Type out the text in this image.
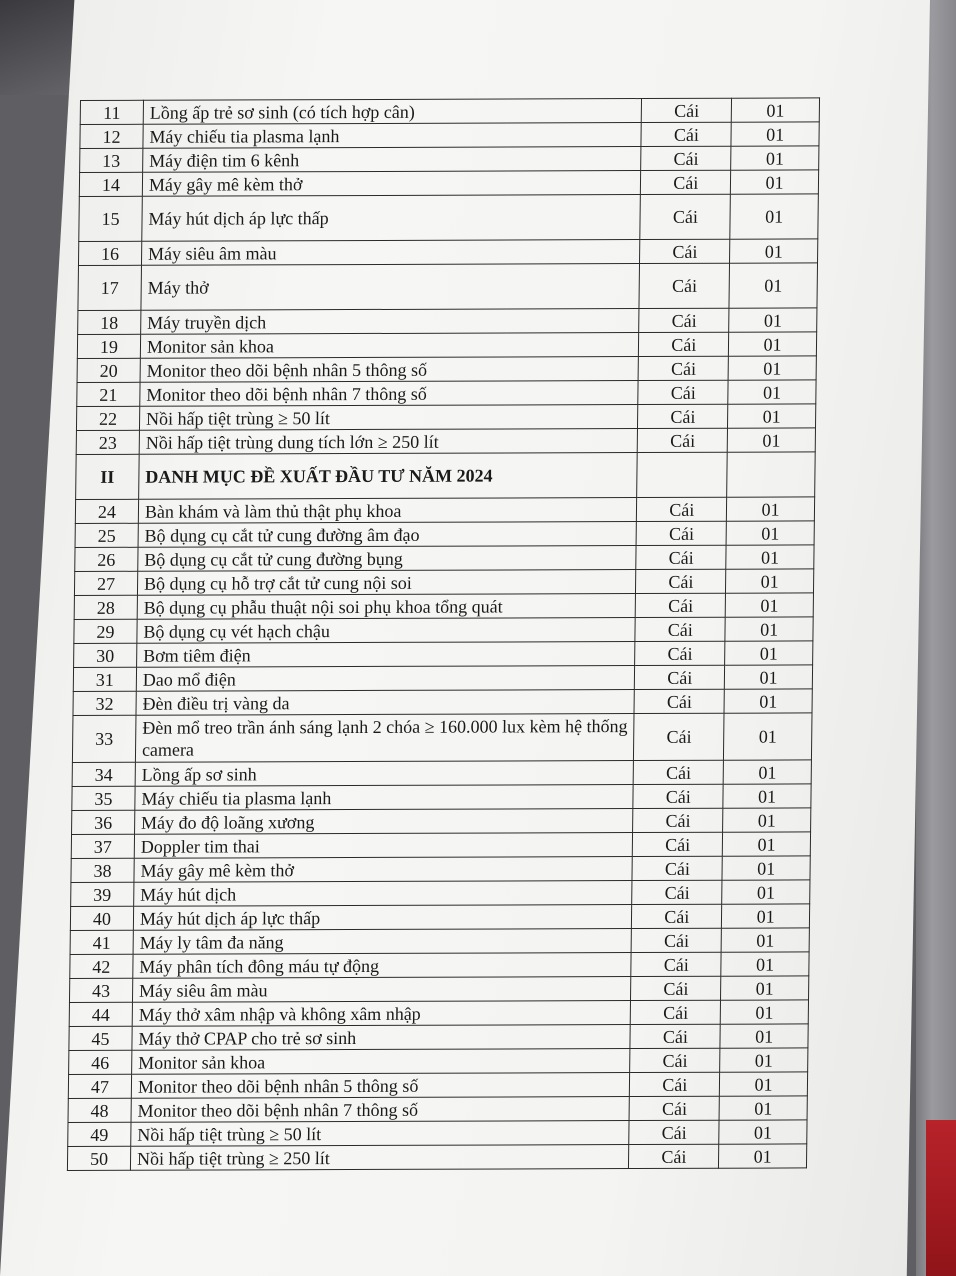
11	Lồng ấp trẻ sơ sinh (có tích hợp cân)	Cái	01
12	Máy chiếu tia plasma lạnh	Cái	01
13	Máy điện tim 6 kênh	Cái	01
14	Máy gây mê kèm thở	Cái	01
15	Máy hút dịch áp lực thấp	Cái	01
16	Máy siêu âm màu	Cái	01
17	Máy thở	Cái	01
18	Máy truyền dịch	Cái	01
19	Monitor sản khoa	Cái	01
20	Monitor theo dõi bệnh nhân 5 thông số	Cái	01
21	Monitor theo dõi bệnh nhân 7 thông số	Cái	01
22	Nồi hấp tiệt trùng ≥ 50 lít	Cái	01
23	Nồi hấp tiệt trùng dung tích lớn ≥ 250 lít	Cái	01
II	DANH MỤC ĐỀ XUẤT ĐẦU TƯ NĂM 2024		
24	Bàn khám và làm thủ thật phụ khoa	Cái	01
25	Bộ dụng cụ cắt tử cung đường âm đạo	Cái	01
26	Bộ dụng cụ cắt tử cung đường bụng	Cái	01
27	Bộ dụng cụ hỗ trợ cắt tử cung nội soi	Cái	01
28	Bộ dụng cụ phẫu thuật nội soi phụ khoa tổng quát	Cái	01
29	Bộ dụng cụ vét hạch chậu	Cái	01
30	Bơm tiêm điện	Cái	01
31	Dao mổ điện	Cái	01
32	Đèn điều trị vàng da	Cái	01
33	Đèn mổ treo trần ánh sáng lạnh 2 chóa ≥ 160.000 lux kèm hệ thống camera	Cái	01
34	Lồng ấp sơ sinh	Cái	01
35	Máy chiếu tia plasma lạnh	Cái	01
36	Máy đo độ loãng xương	Cái	01
37	Doppler tim thai	Cái	01
38	Máy gây mê kèm thở	Cái	01
39	Máy hút dịch	Cái	01
40	Máy hút dịch áp lực thấp	Cái	01
41	Máy ly tâm đa năng	Cái	01
42	Máy phân tích đông máu tự động	Cái	01
43	Máy siêu âm màu	Cái	01
44	Máy thở xâm nhập và không xâm nhập	Cái	01
45	Máy thở CPAP cho trẻ sơ sinh	Cái	01
46	Monitor sản khoa	Cái	01
47	Monitor theo dõi bệnh nhân 5 thông số	Cái	01
48	Monitor theo dõi bệnh nhân 7 thông số	Cái	01
49	Nồi hấp tiệt trùng ≥ 50 lít	Cái	01
50	Nồi hấp tiệt trùng ≥ 250 lít	Cái	01
